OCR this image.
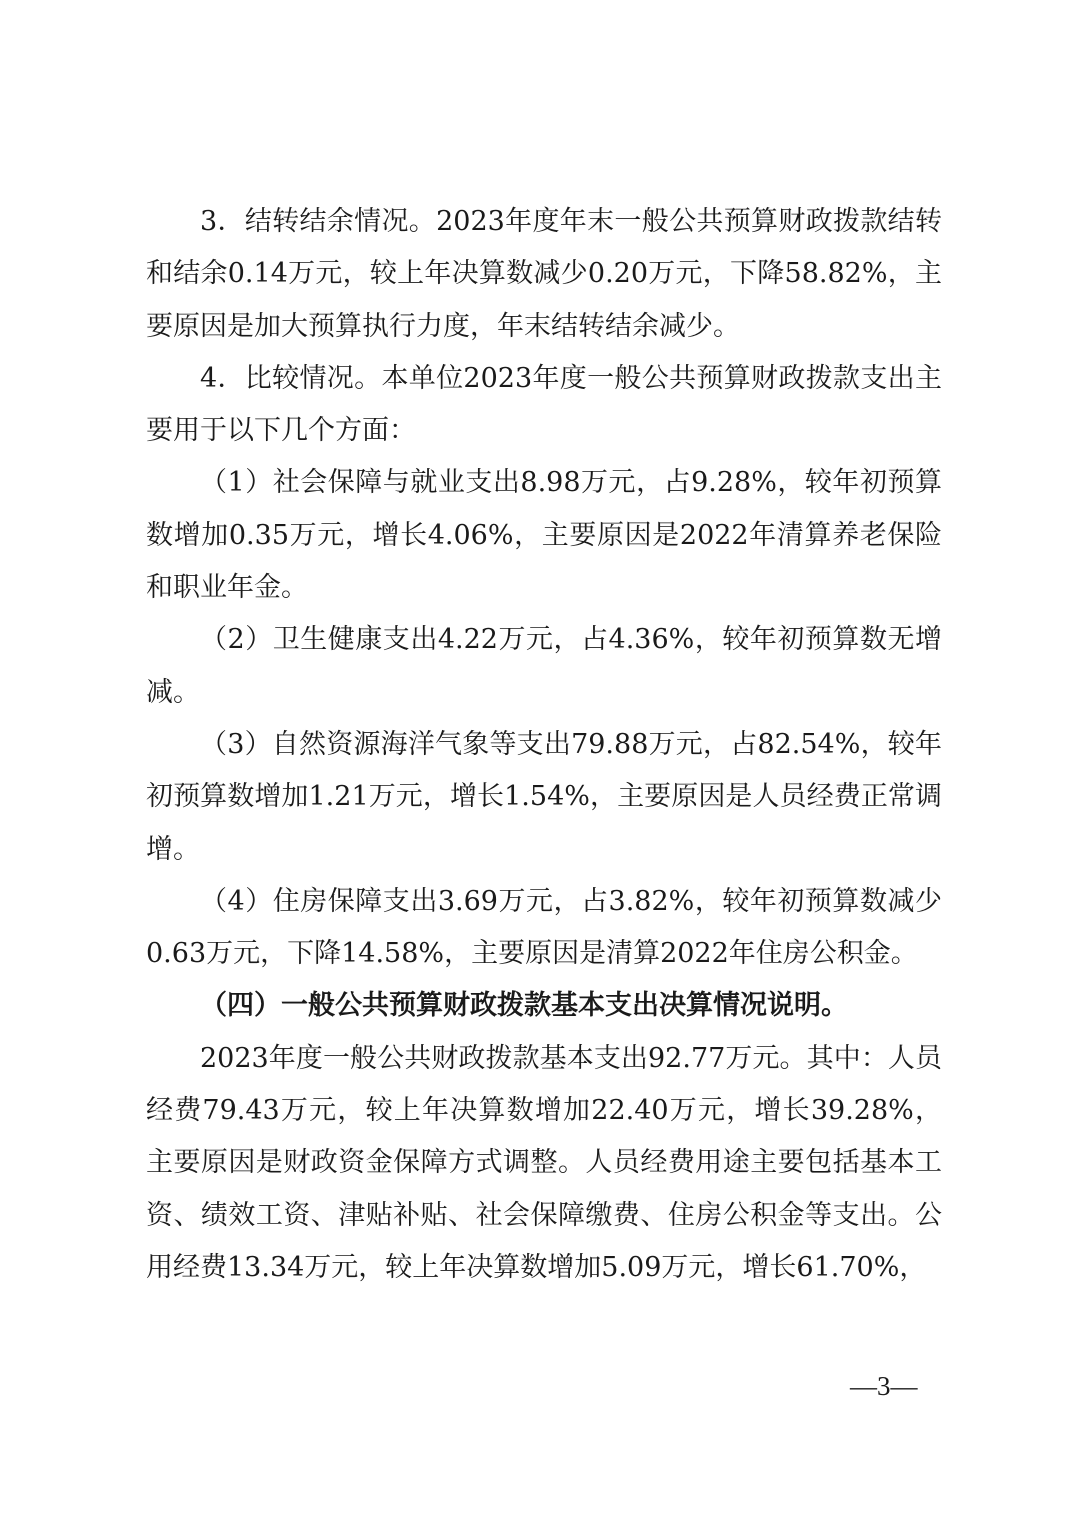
3．结转结余情况。2023年度年末一般公共预算财政拨款结转和结余0.14万元，较上年决算数减少0.20万元，下降58.82%，主要原因是加大预算执行力度，年末结转结余减少。

4．比较情况。本单位2023年度一般公共预算财政拨款支出主要用于以下几个方面：

（1）社会保障与就业支出8.98万元，占9.28%，较年初预算数增加0.35万元，增长4.06%，主要原因是2022年清算养老保险和职业年金。

（2）卫生健康支出4.22万元，占4.36%，较年初预算数无增减。

（3）自然资源海洋气象等支出79.88万元，占82.54%，较年初预算数增加1.21万元，增长1.54%，主要原因是人员经费正常调增。

（4）住房保障支出3.69万元，占3.82%，较年初预算数减少0.63万元，下降14.58%，主要原因是清算2022年住房公积金。

（四）一般公共预算财政拨款基本支出决算情况说明。

2023年度一般公共财政拨款基本支出92.77万元。其中：人员经费79.43万元，较上年决算数增加22.40万元，增长39.28%，主要原因是财政资金保障方式调整。人员经费用途主要包括基本工资、绩效工资、津贴补贴、社会保障缴费、住房公积金等支出。公用经费13.34万元，较上年决算数增加5.09万元，增长61.70%，

—3—
